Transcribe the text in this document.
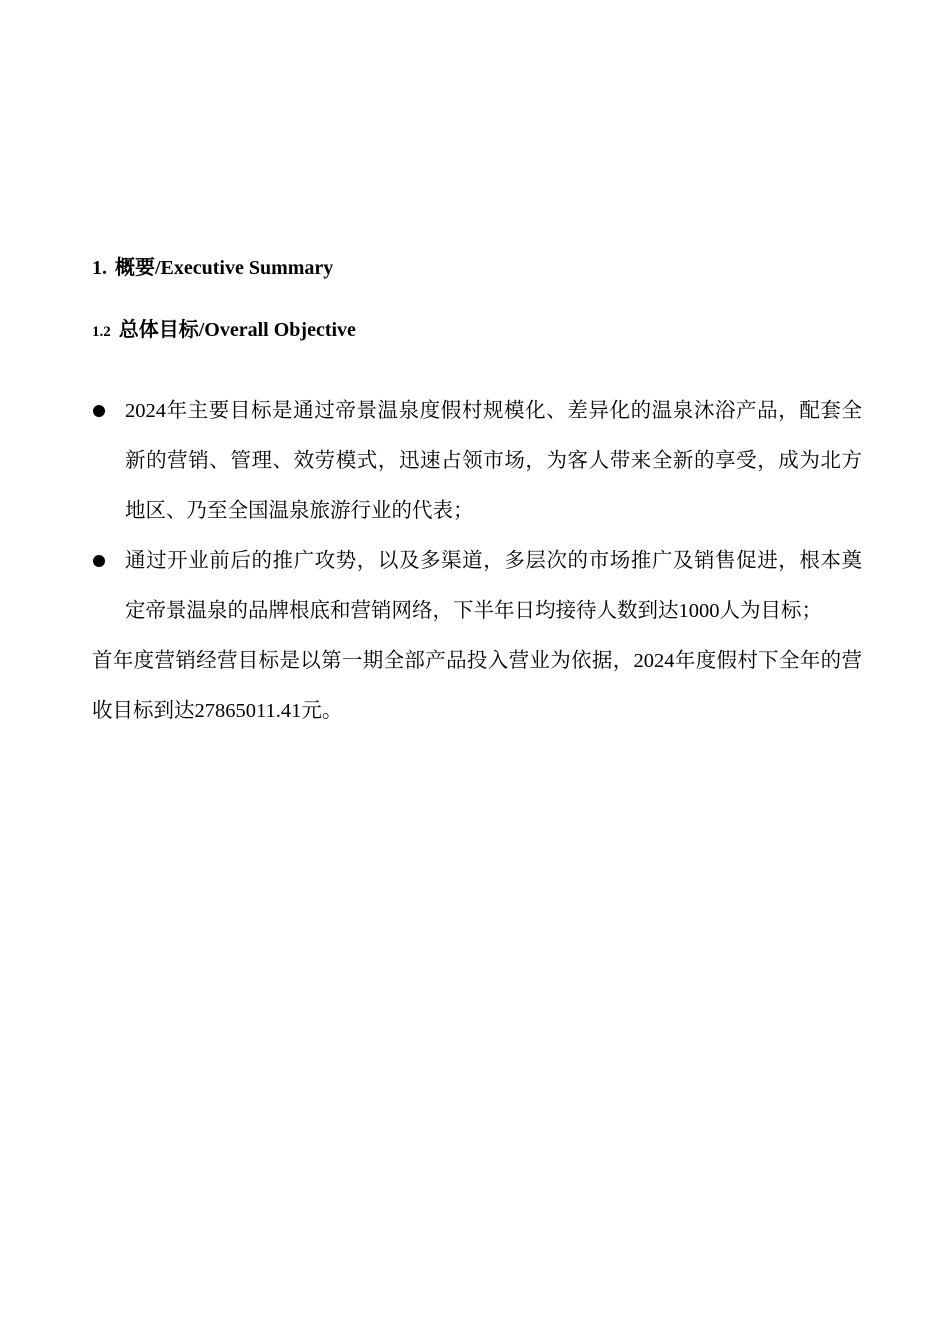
1. 概要/Executive Summary
1.2 总体目标/Overall Objective
2024年主要目标是通过帝景温泉度假村规模化、差异化的温泉沐浴产品，配套全新的营销、管理、效劳模式，迅速占领市场，为客人带来全新的享受，成为北方地区、乃至全国温泉旅游行业的代表；
通过开业前后的推广攻势，以及多渠道，多层次的市场推广及销售促进，根本奠定帝景温泉的品牌根底和营销网络，下半年日均接待人数到达1000人为目标；

首年度营销经营目标是以第一期全部产品投入营业为依据，2024年度假村下全年的营收目标到达27865011.41元。
